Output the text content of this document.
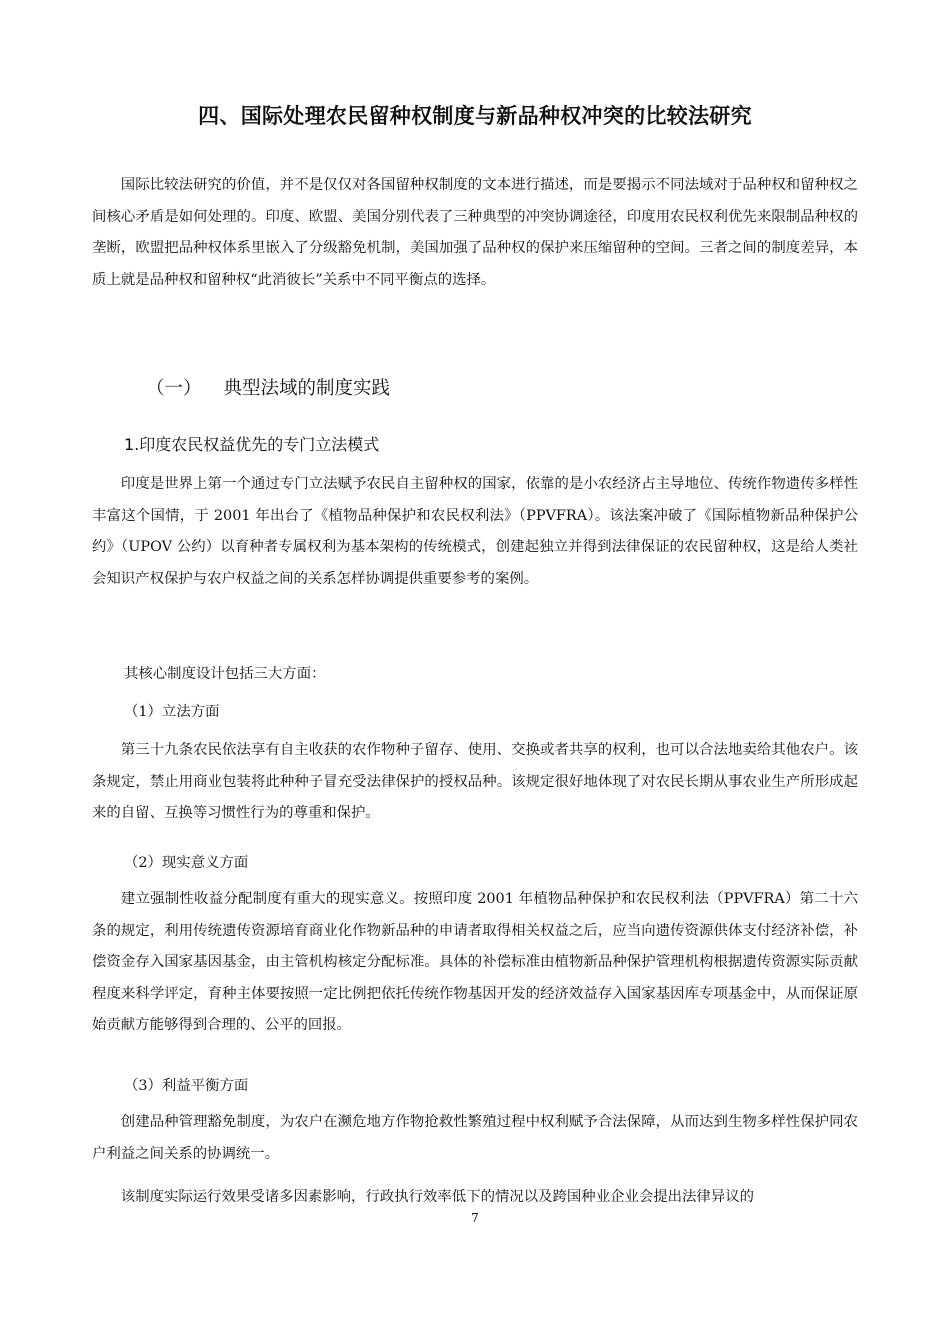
四、国际处理农民留种权制度与新品种权冲突的比较法研究

国际比较法研究的价值，并不是仅仅对各国留种权制度的文本进行描述，而是要揭示不同法域对于品种权和留种权之间核心矛盾是如何处理的。印度、欧盟、美国分别代表了三种典型的冲突协调途径，印度用农民权利优先来限制品种权的垄断，欧盟把品种权体系里嵌入了分级豁免机制，美国加强了品种权的保护来压缩留种的空间。三者之间的制度差异，本质上就是品种权和留种权“此消彼长”关系中不同平衡点的选择。

（一） 典型法域的制度实践
1.印度农民权益优先的专门立法模式

印度是世界上第一个通过专门立法赋予农民自主留种权的国家，依靠的是小农经济占主导地位、传统作物遗传多样性丰富这个国情，于 2001 年出台了《植物品种保护和农民权利法》（PPVFRA）。该法案冲破了《国际植物新品种保护公约》（UPOV 公约）以育种者专属权利为基本架构的传统模式，创建起独立并得到法律保证的农民留种权，这是给人类社会知识产权保护与农户权益之间的关系怎样协调提供重要参考的案例。

其核心制度设计包括三大方面：
（1）立法方面

第三十九条农民依法享有自主收获的农作物种子留存、使用、交换或者共享的权利，也可以合法地卖给其他农户。该条规定，禁止用商业包装将此种种子冒充受法律保护的授权品种。该规定很好地体现了对农民长期从事农业生产所形成起来的自留、互换等习惯性行为的尊重和保护。

（2）现实意义方面

建立强制性收益分配制度有重大的现实意义。按照印度 2001 年植物品种保护和农民权利法（PPVFRA）第二十六条的规定，利用传统遗传资源培育商业化作物新品种的申请者取得相关权益之后，应当向遗传资源供体支付经济补偿，补偿资金存入国家基因基金，由主管机构核定分配标准。具体的补偿标准由植物新品种保护管理机构根据遗传资源实际贡献程度来科学评定，育种主体要按照一定比例把依托传统作物基因开发的经济效益存入国家基因库专项基金中，从而保证原始贡献方能够得到合理的、公平的回报。

（3）利益平衡方面

创建品种管理豁免制度，为农户在濒危地方作物抢救性繁殖过程中权利赋予合法保障，从而达到生物多样性保护同农户利益之间关系的协调统一。

该制度实际运行效果受诸多因素影响，行政执行效率低下的情况以及跨国种业企业会提出法律异议的

7
